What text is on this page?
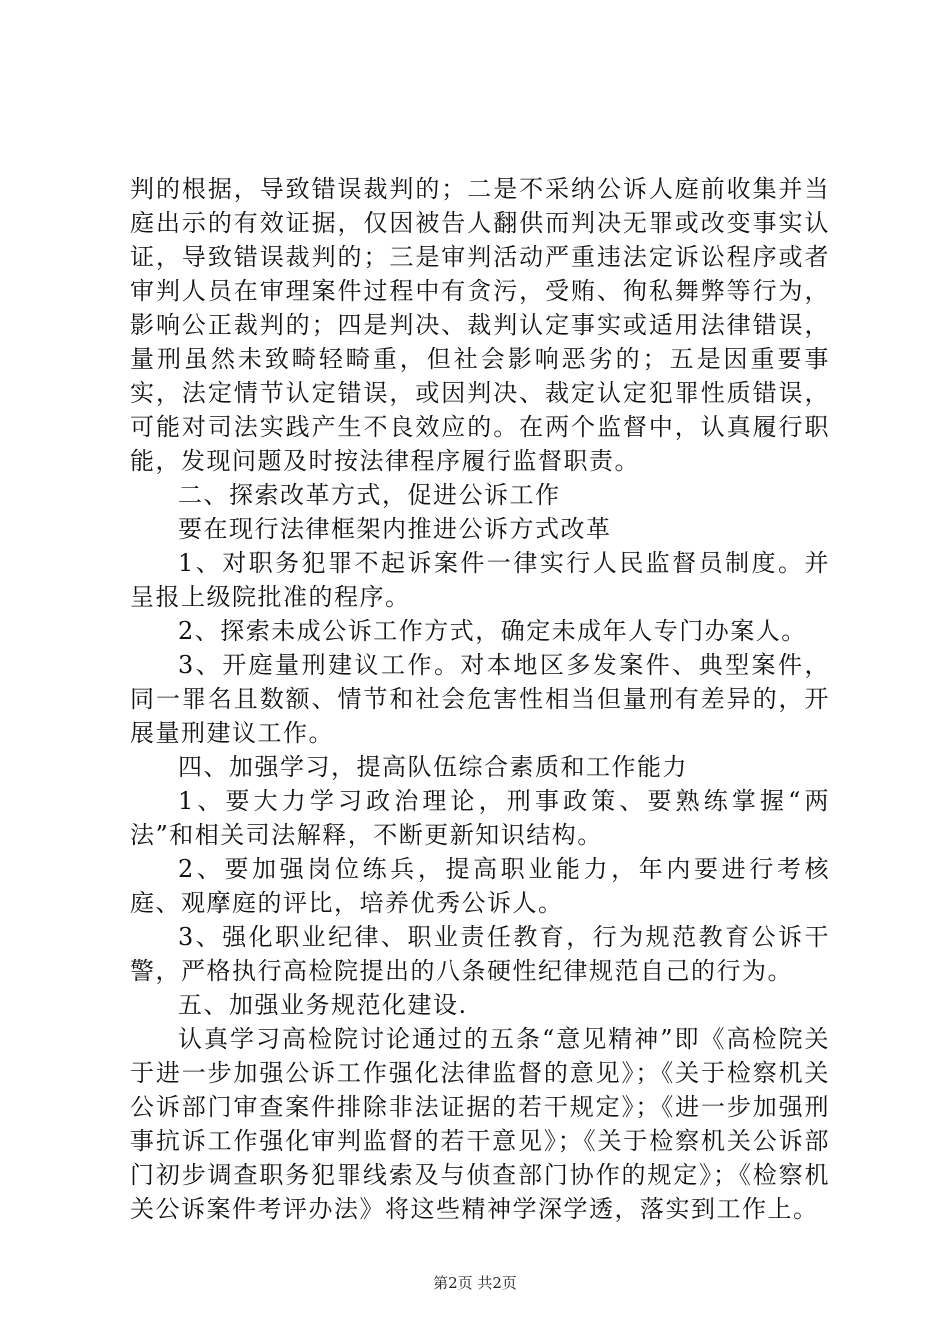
判的根据，导致错误裁判的；二是不采纳公诉人庭前收集并当庭出示的有效证据，仅因被告人翻供而判决无罪或改变事实认证，导致错误裁判的；三是审判活动严重违法定诉讼程序或者审判人员在审理案件过程中有贪污，受贿、徇私舞弊等行为，影响公正裁判的；四是判决、裁判认定事实或适用法律错误，量刑虽然未致畸轻畸重，但社会影响恶劣的；五是因重要事实，法定情节认定错误，或因判决、裁定认定犯罪性质错误，可能对司法实践产生不良效应的。在两个监督中，认真履行职能，发现问题及时按法律程序履行监督职责。

二、探索改革方式，促进公诉工作

要在现行法律框架内推进公诉方式改革

1、对职务犯罪不起诉案件一律实行人民监督员制度。并呈报上级院批准的程序。

2、探索未成公诉工作方式，确定未成年人专门办案人。

3、开庭量刑建议工作。对本地区多发案件、典型案件，同一罪名且数额、情节和社会危害性相当但量刑有差异的，开展量刑建议工作。

四、加强学习，提高队伍综合素质和工作能力

1、要大力学习政治理论，刑事政策、要熟练掌握“两法”和相关司法解释，不断更新知识结构。

2、要加强岗位练兵，提高职业能力，年内要进行考核庭、观摩庭的评比，培养优秀公诉人。

3、强化职业纪律、职业责任教育，行为规范教育公诉干警，严格执行高检院提出的八条硬性纪律规范自己的行为。

五、加强业务规范化建设.

认真学习高检院讨论通过的五条“意见精神”即《高检院关于进一步加强公诉工作强化法律监督的意见》；《关于检察机关公诉部门审查案件排除非法证据的若干规定》；《进一步加强刑事抗诉工作强化审判监督的若干意见》；《关于检察机关公诉部门初步调查职务犯罪线索及与侦查部门协作的规定》；《检察机关公诉案件考评办法》将这些精神学深学透，落实到工作上。

第2页 共2页
